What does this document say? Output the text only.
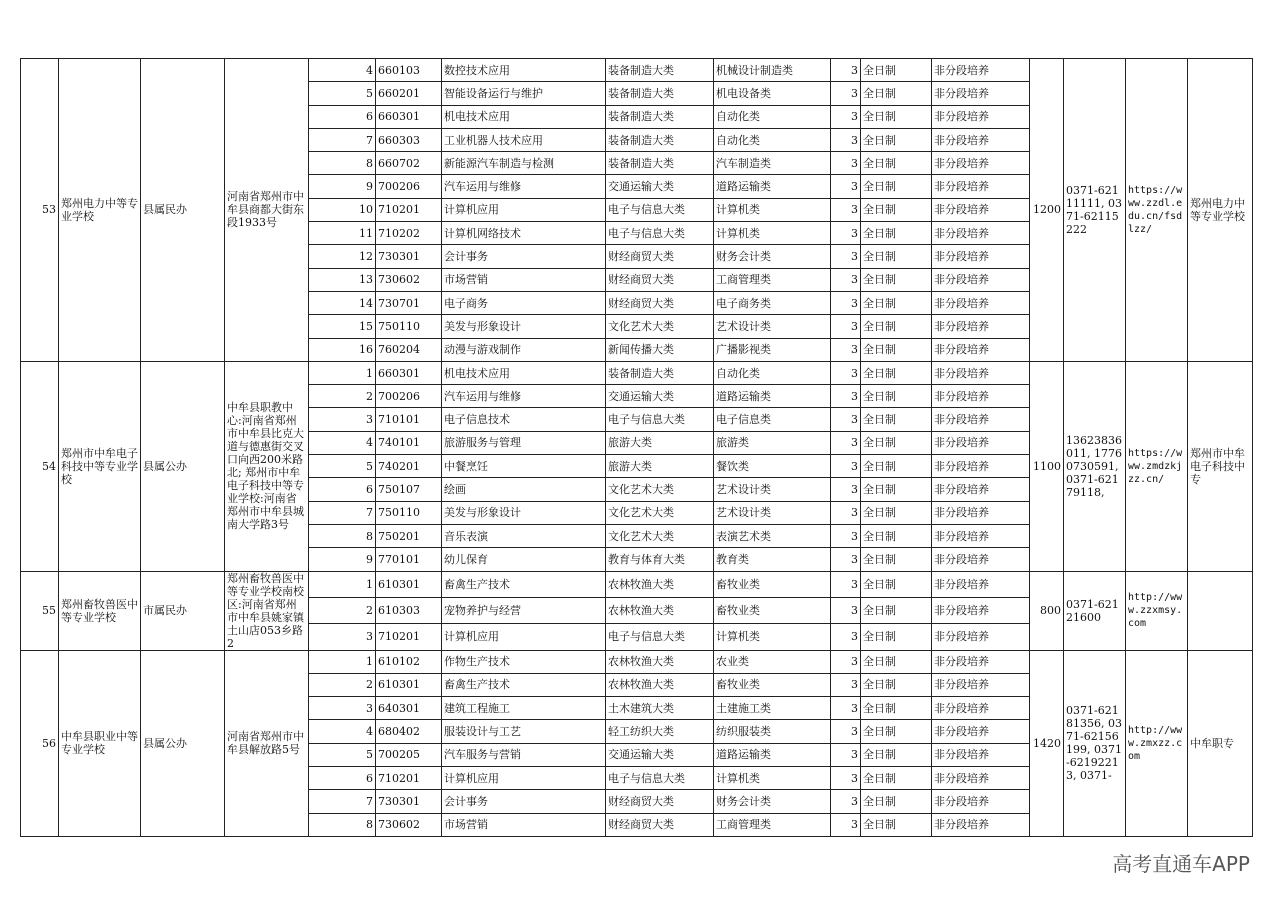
53	郑州电力中等专业学校	县属民办	河南省郑州市中牟县商都大街东段1933号	4	660103	数控技术应用	装备制造大类	机械设计制造类	3	全日制	非分段培养	1200	0371-62111111, 0371-62115222	https://www.zzdl.edu.cn/fsdlzz/	郑州电力中等专业学校
				5	660201	智能设备运行与维护	装备制造大类	机电设备类	3	全日制	非分段培养				
				6	660301	机电技术应用	装备制造大类	自动化类	3	全日制	非分段培养				
				7	660303	工业机器人技术应用	装备制造大类	自动化类	3	全日制	非分段培养				
				8	660702	新能源汽车制造与检测	装备制造大类	汽车制造类	3	全日制	非分段培养				
				9	700206	汽车运用与维修	交通运输大类	道路运输类	3	全日制	非分段培养				
				10	710201	计算机应用	电子与信息大类	计算机类	3	全日制	非分段培养				
				11	710202	计算机网络技术	电子与信息大类	计算机类	3	全日制	非分段培养				
				12	730301	会计事务	财经商贸大类	财务会计类	3	全日制	非分段培养				
				13	730602	市场营销	财经商贸大类	工商管理类	3	全日制	非分段培养				
				14	730701	电子商务	财经商贸大类	电子商务类	3	全日制	非分段培养				
				15	750110	美发与形象设计	文化艺术大类	艺术设计类	3	全日制	非分段培养				
				16	760204	动漫与游戏制作	新闻传播大类	广播影视类	3	全日制	非分段培养				
54	郑州市中牟电子科技中等专业学校	县属公办	中牟县职教中心:河南省郑州市中牟县比克大道与德惠街交叉口向西200米路北; 郑州市中牟电子科技中等专业学校:河南省郑州市中牟县城南大学路3号	1	660301	机电技术应用	装备制造大类	自动化类	3	全日制	非分段培养	1100	13623836011, 17760730591, 0371-62179118,	https://www.zmdzkjzz.cn/	郑州市中牟电子科技中专
				2	700206	汽车运用与维修	交通运输大类	道路运输类	3	全日制	非分段培养				
				3	710101	电子信息技术	电子与信息大类	电子信息类	3	全日制	非分段培养				
				4	740101	旅游服务与管理	旅游大类	旅游类	3	全日制	非分段培养				
				5	740201	中餐烹饪	旅游大类	餐饮类	3	全日制	非分段培养				
				6	750107	绘画	文化艺术大类	艺术设计类	3	全日制	非分段培养				
				7	750110	美发与形象设计	文化艺术大类	艺术设计类	3	全日制	非分段培养				
				8	750201	音乐表演	文化艺术大类	表演艺术类	3	全日制	非分段培养				
				9	770101	幼儿保育	教育与体育大类	教育类	3	全日制	非分段培养				
55	郑州畜牧兽医中等专业学校	市属民办	郑州畜牧兽医中等专业学校南校区:河南省郑州市中牟县姚家镇土山店053乡路2	1	610301	畜禽生产技术	农林牧渔大类	畜牧业类	3	全日制	非分段培养	800	0371-62121600	http://www.zzxmsy.com	
				2	610303	宠物养护与经营	农林牧渔大类	畜牧业类	3	全日制	非分段培养				
				3	710201	计算机应用	电子与信息大类	计算机类	3	全日制	非分段培养				
56	中牟县职业中等专业学校	县属公办	河南省郑州市中牟县解放路5号	1	610102	作物生产技术	农林牧渔大类	农业类	3	全日制	非分段培养	1420	0371-62181356, 0371-62156199, 0371-62192213, 0371-	http://www.zmxzz.com	中牟职专
				2	610301	畜禽生产技术	农林牧渔大类	畜牧业类	3	全日制	非分段培养				
				3	640301	建筑工程施工	土木建筑大类	土建施工类	3	全日制	非分段培养				
				4	680402	服装设计与工艺	轻工纺织大类	纺织服装类	3	全日制	非分段培养				
				5	700205	汽车服务与营销	交通运输大类	道路运输类	3	全日制	非分段培养				
				6	710201	计算机应用	电子与信息大类	计算机类	3	全日制	非分段培养				
				7	730301	会计事务	财经商贸大类	财务会计类	3	全日制	非分段培养				
				8	730602	市场营销	财经商贸大类	工商管理类	3	全日制	非分段培养				
高考直通车APP
